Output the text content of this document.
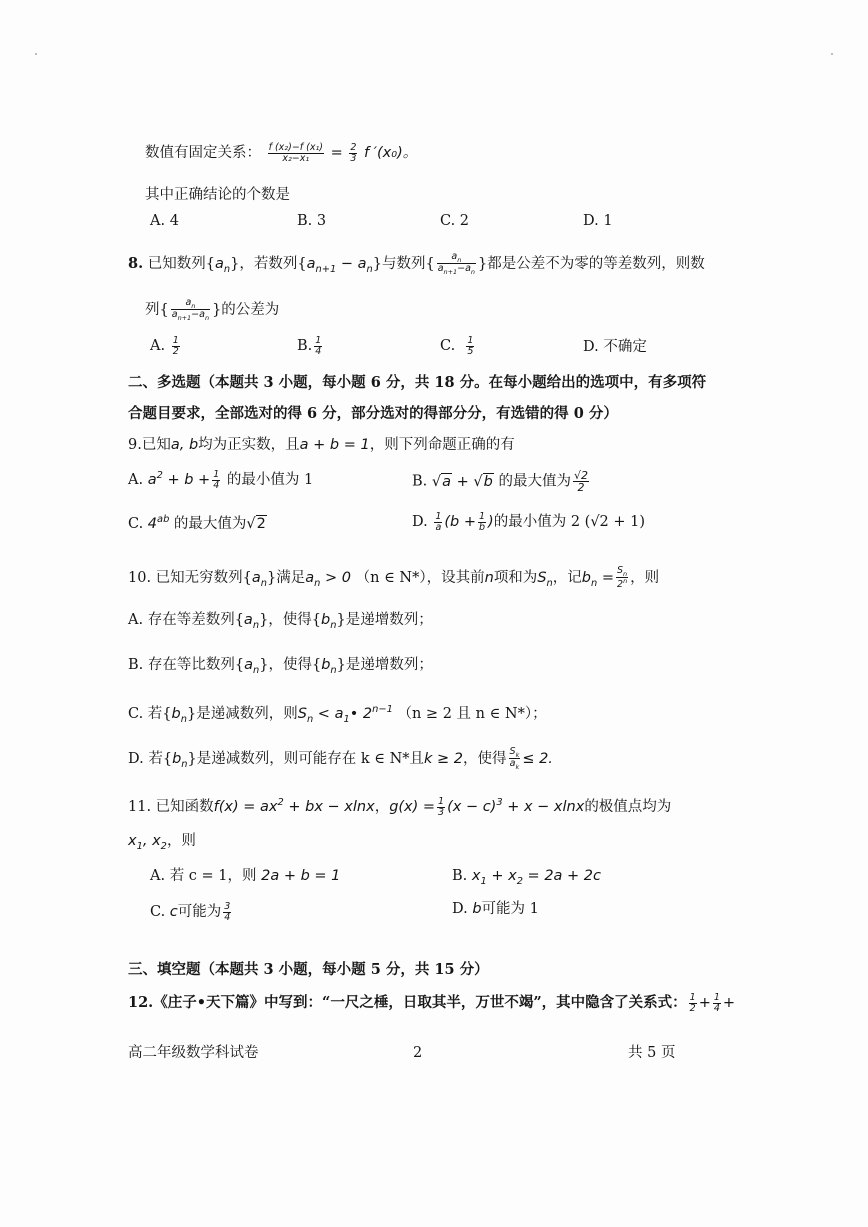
数值有固定关系： $\frac{\text{f (x₂)−f (x₁)}}{\text{x₂−x₁}} = \frac{2}{3}$ f ′(x₀)。
其中正确结论的个数是
A. 4	B. 3	C. 2	D. 1
8. 已知数列$\{a_n\}$，若数列$\{a_{n+1} - a_n\}$与数列{ $\frac{a_n}{a_{n+1}-a_n}$ }都是公差不为零的等差数列，则数
列{ $\frac{a_n}{a_{n+1}-a_n}$ }的公差为
A. $\frac{1}{2}$	B. $\frac{1}{4}$	C. $\frac{1}{5}$	D. 不确定
二、多选题（本题共 3 小题，每小题 6 分，共 18 分。在每小题给出的选项中，有多项符
合题目要求，全部选对的得 6 分，部分选对的得部分分，有选错的得 0 分）
9.已知a, b均为正实数，且a + b = 1，则下列命题正确的有
A. $a^2 + b + \frac{1}{4}$ 的最小值为 1	B. √a + √b 的最大值为 $\frac{√2}{2}$
C. $4^{ab}$ 的最大值为√2	D. $\frac{1}{a} (b + \frac{1}{b}$ )的最小值为 2 (√2 + 1)
10. 已知无穷数列$\{a_n\}$满足$a_n > 0$ （n ∈ N*），设其前n项和为$S_n$，记$b_n = \frac{S_n}{2^n}$ ，则
A. 存在等差数列$\{a_n\}$，使得$\{b_n\}$是递增数列；
B. 存在等比数列$\{a_n\}$，使得$\{b_n\}$是递增数列；
C. 若$\{b_n\}$是递减数列，则$S_n$ < $a_1•$ $2^{n-1}$ （n ≥ 2 且 n ∈ N*）；
D. 若$\{b_n\}$是递减数列，则可能存在 k ∈ N*且k ≥ 2，使得 $\frac{S_k}{a_k} \le 2$.
11. 已知函数$f(x) = ax^2$ + bx − xlnx，$g(x) = \frac{1}{3} (x - c)^3 + x - xlnx$的极值点均为
$x_1$, $x_2$，则
A. 若 c = 1，则 2a + b = 1	B. $x_1 + x_2 = 2a + 2c$
C. c可能为 $\frac{3}{4}$	D. b可能为 1
三、填空题（本题共 3 小题，每小题 5 分，共 15 分）
12.《庄子•天下篇》中写到：“一尺之棰，日取其半，万世不竭”，其中隐含了关系式： $\frac{1}{2} + \frac{1}{4}$ +
高二年级数学科试卷	2	共 5 页
